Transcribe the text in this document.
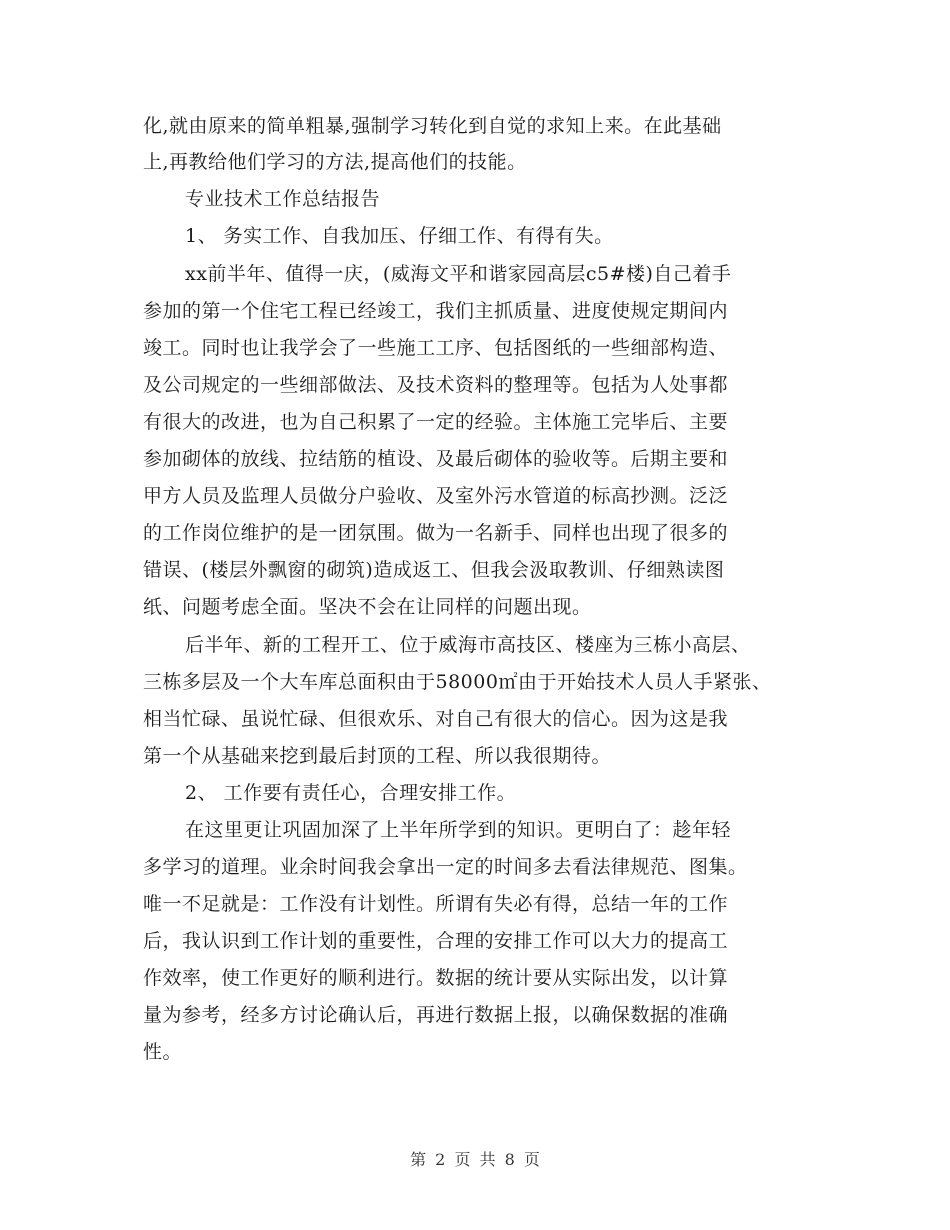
化,就由原来的简单粗暴,强制学习转化到自觉的求知上来。在此基础
上,再教给他们学习的方法,提高他们的技能。
专业技术工作总结报告
1、 务实工作、自我加压、仔细工作、有得有失。
xx前半年、值得一庆，(威海文平和谐家园高层c5#楼)自己着手
参加的第一个住宅工程已经竣工，我们主抓质量、进度使规定期间内
竣工。同时也让我学会了一些施工工序、包括图纸的一些细部构造、
及公司规定的一些细部做法、及技术资料的整理等。包括为人处事都
有很大的改进，也为自己积累了一定的经验。主体施工完毕后、主要
参加砌体的放线、拉结筋的植设、及最后砌体的验收等。后期主要和
甲方人员及监理人员做分户验收、及室外污水管道的标高抄测。泛泛
的工作岗位维护的是一团氛围。做为一名新手、同样也出现了很多的
错误、(楼层外飘窗的砌筑)造成返工、但我会汲取教训、仔细熟读图
纸、问题考虑全面。坚决不会在让同样的问题出现。
后半年、新的工程开工、位于威海市高技区、楼座为三栋小高层、
三栋多层及一个大车库总面积由于58000㎡由于开始技术人员人手紧张、
相当忙碌、虽说忙碌、但很欢乐、对自己有很大的信心。因为这是我
第一个从基础来挖到最后封顶的工程、所以我很期待。
2、 工作要有责任心，合理安排工作。
在这里更让巩固加深了上半年所学到的知识。更明白了：趁年轻
多学习的道理。业余时间我会拿出一定的时间多去看法律规范、图集。
唯一不足就是：工作没有计划性。所谓有失必有得，总结一年的工作
后，我认识到工作计划的重要性，合理的安排工作可以大力的提高工
作效率，使工作更好的顺利进行。数据的统计要从实际出发，以计算
量为参考，经多方讨论确认后，再进行数据上报，以确保数据的准确
性。
第 2 页 共 8 页
